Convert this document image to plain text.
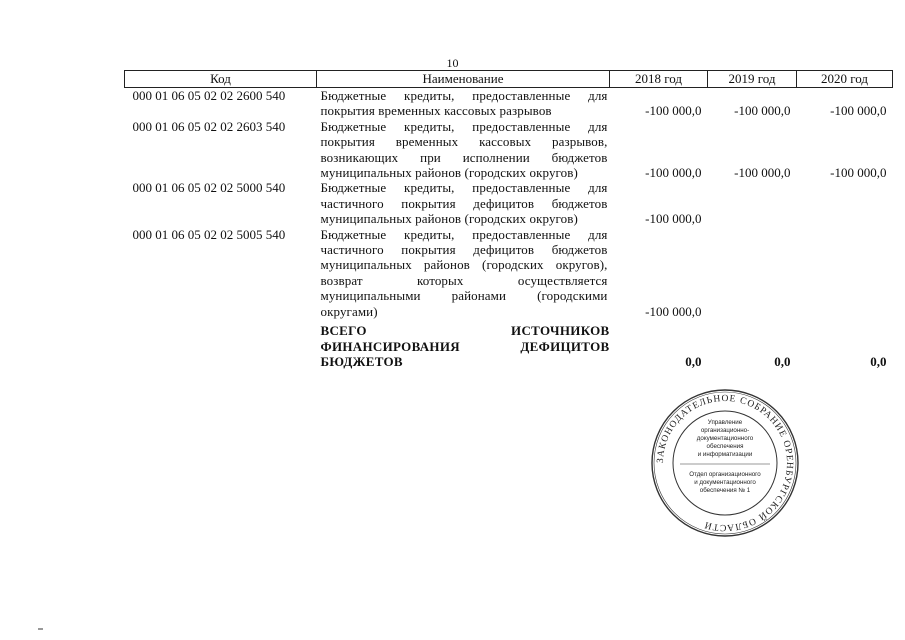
10
Код	Наименование	2018 год	2019 год	2020 год
000 01 06 05 02 02 2600 540	Бюджетные кредиты, предоставленные для покрытия временных кассовых разрывов	-100 000,0	-100 000,0	-100 000,0
000 01 06 05 02 02 2603 540	Бюджетные кредиты, предоставленные для покрытия временных кассовых разрывов, возникающих при исполнении бюджетов муниципальных районов (городских округов)	-100 000,0	-100 000,0	-100 000,0
000 01 06 05 02 02 5000 540	Бюджетные кредиты, предоставленные для частичного покрытия дефицитов бюджетов муниципальных районов (городских округов)	-100 000,0		
000 01 06 05 02 02 5005 540	Бюджетные кредиты, предоставленные для частичного покрытия дефицитов бюджетов муниципальных районов (городских округов), возврат которых осуществляется муниципальными районами (городскими округами)	-100 000,0		
	ВСЕГО ИСТОЧНИКОВ ФИНАНСИРОВАНИЯ ДЕФИЦИТОВ БЮДЖЕТОВ	0,0	0,0	0,0
ЗАКОНОДАТЕЛЬНОЕ СОБРАНИЕ ОРЕНБУРГСКОЙ ОБЛАСТИ
Управление
организационно-
документационного
обеспечения
и информатизации
Отдел организационного
и документационного
обеспечения № 1
